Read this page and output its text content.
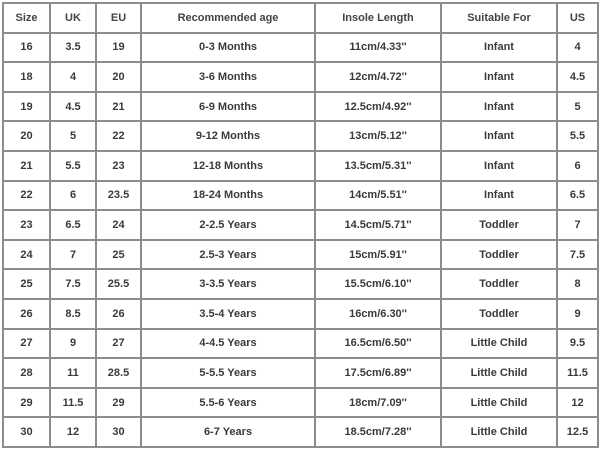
Size	UK	EU	Recommended age	Insole Length	Suitable For	US
16	3.5	19	0-3 Months	11cm/4.33''	Infant	4
18	4	20	3-6 Months	12cm/4.72''	Infant	4.5
19	4.5	21	6-9 Months	12.5cm/4.92''	Infant	5
20	5	22	9-12 Months	13cm/5.12''	Infant	5.5
21	5.5	23	12-18 Months	13.5cm/5.31''	Infant	6
22	6	23.5	18-24 Months	14cm/5.51''	Infant	6.5
23	6.5	24	2-2.5 Years	14.5cm/5.71''	Toddler	7
24	7	25	2.5-3 Years	15cm/5.91''	Toddler	7.5
25	7.5	25.5	3-3.5 Years	15.5cm/6.10''	Toddler	8
26	8.5	26	3.5-4 Years	16cm/6.30''	Toddler	9
27	9	27	4-4.5 Years	16.5cm/6.50''	Little Child	9.5
28	11	28.5	5-5.5 Years	17.5cm/6.89''	Little Child	11.5
29	11.5	29	5.5-6 Years	18cm/7.09''	Little Child	12
30	12	30	6-7 Years	18.5cm/7.28''	Little Child	12.5
